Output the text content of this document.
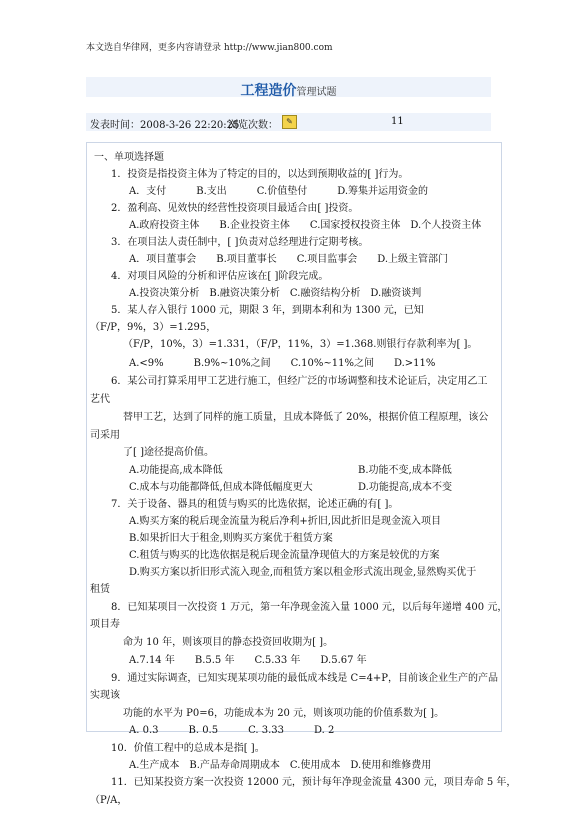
本文选自华律网，更多内容请登录 http://www.jian800.com
工程造价管理试题
发表时间：2008-3-26 22:20:25
浏览次数：	✎	11
一、单项选择题
1．投资是指投资主体为了特定的目的，以达到预期收益的[ ]行为。
A．支付　　　B.支出　　　C.价值垫付　　　D.筹集并运用资金的
2．盈利高、见效快的经营性投资项目最适合由[ ]投资。
A.政府投资主体　　B.企业投资主体　　C.国家授权投资主体　D.个人投资主体
3．在项目法人责任制中，[ ]负责对总经理进行定期考核。
A．项目董事会　　B.项目董事长　　C.项目监事会　　D.上级主管部门
4．对项目风险的分析和评估应该在[ ]阶段完成。
A.投资决策分析　B.融资决策分析　C.融资结构分析　D.融资谈判
5．某人存入银行 1000 元，期限 3 年，到期本利和为 1300 元，已知
（F/P，9%，3）=1.295，
（F/P，10%，3）=1.331，（F/P，11%，3）=1.368.则银行存款利率为[ ]。
A.<9%　　　B.9%~10%之间　　C.10%~11%之间　　D.>11%
6．某公司打算采用甲工艺进行施工，但经广泛的市场调整和技术论证后，决定用乙工
艺代
替甲工艺，达到了同样的施工质量，且成本降低了 20%，根据价值工程原理，该公
司采用
了[ ]途径提高价值。
A.功能提高,成本降低	B.功能不变,成本降低
C.成本与功能都降低,但成本降低幅度更大	D.功能提高,成本不变
7．关于设备、器具的租赁与购买的比选依据，论述正确的有[ ]。
A.购买方案的税后现金流量为税后净利+折旧,因此折旧是现金流入项目
B.如果折旧大于租金,则购买方案优于租赁方案
C.租赁与购买的比选依据是税后现金流量净现值大的方案是较优的方案
D.购买方案以折旧形式流入现金,而租赁方案以租金形式流出现金,显然购买优于
租赁
8．已知某项目一次投资 1 万元，第一年净现金流入量 1000 元，以后每年递增 400 元，
项目寿
命为 10 年，则该项目的静态投资回收期为[ ]。
A.7.14 年　　B.5.5 年　　C.5.33 年　　D.5.67 年
9．通过实际调查，已知实现某项功能的最低成本线是 C=4+P，目前该企业生产的产品
实现该
功能的水平为 P0=6，功能成本为 20 元，则该项功能的价值系数为[ ]。
A. 0.3　　　B. 0.5　　　C. 3.33　　　D. 2
10．价值工程中的总成本是指[ ]。
A.生产成本　B.产品寿命周期成本　C.使用成本　D.使用和维修费用
11．已知某投资方案一次投资 12000 元，预计每年净现金流量 4300 元，项目寿命 5 年，
（P/A，
